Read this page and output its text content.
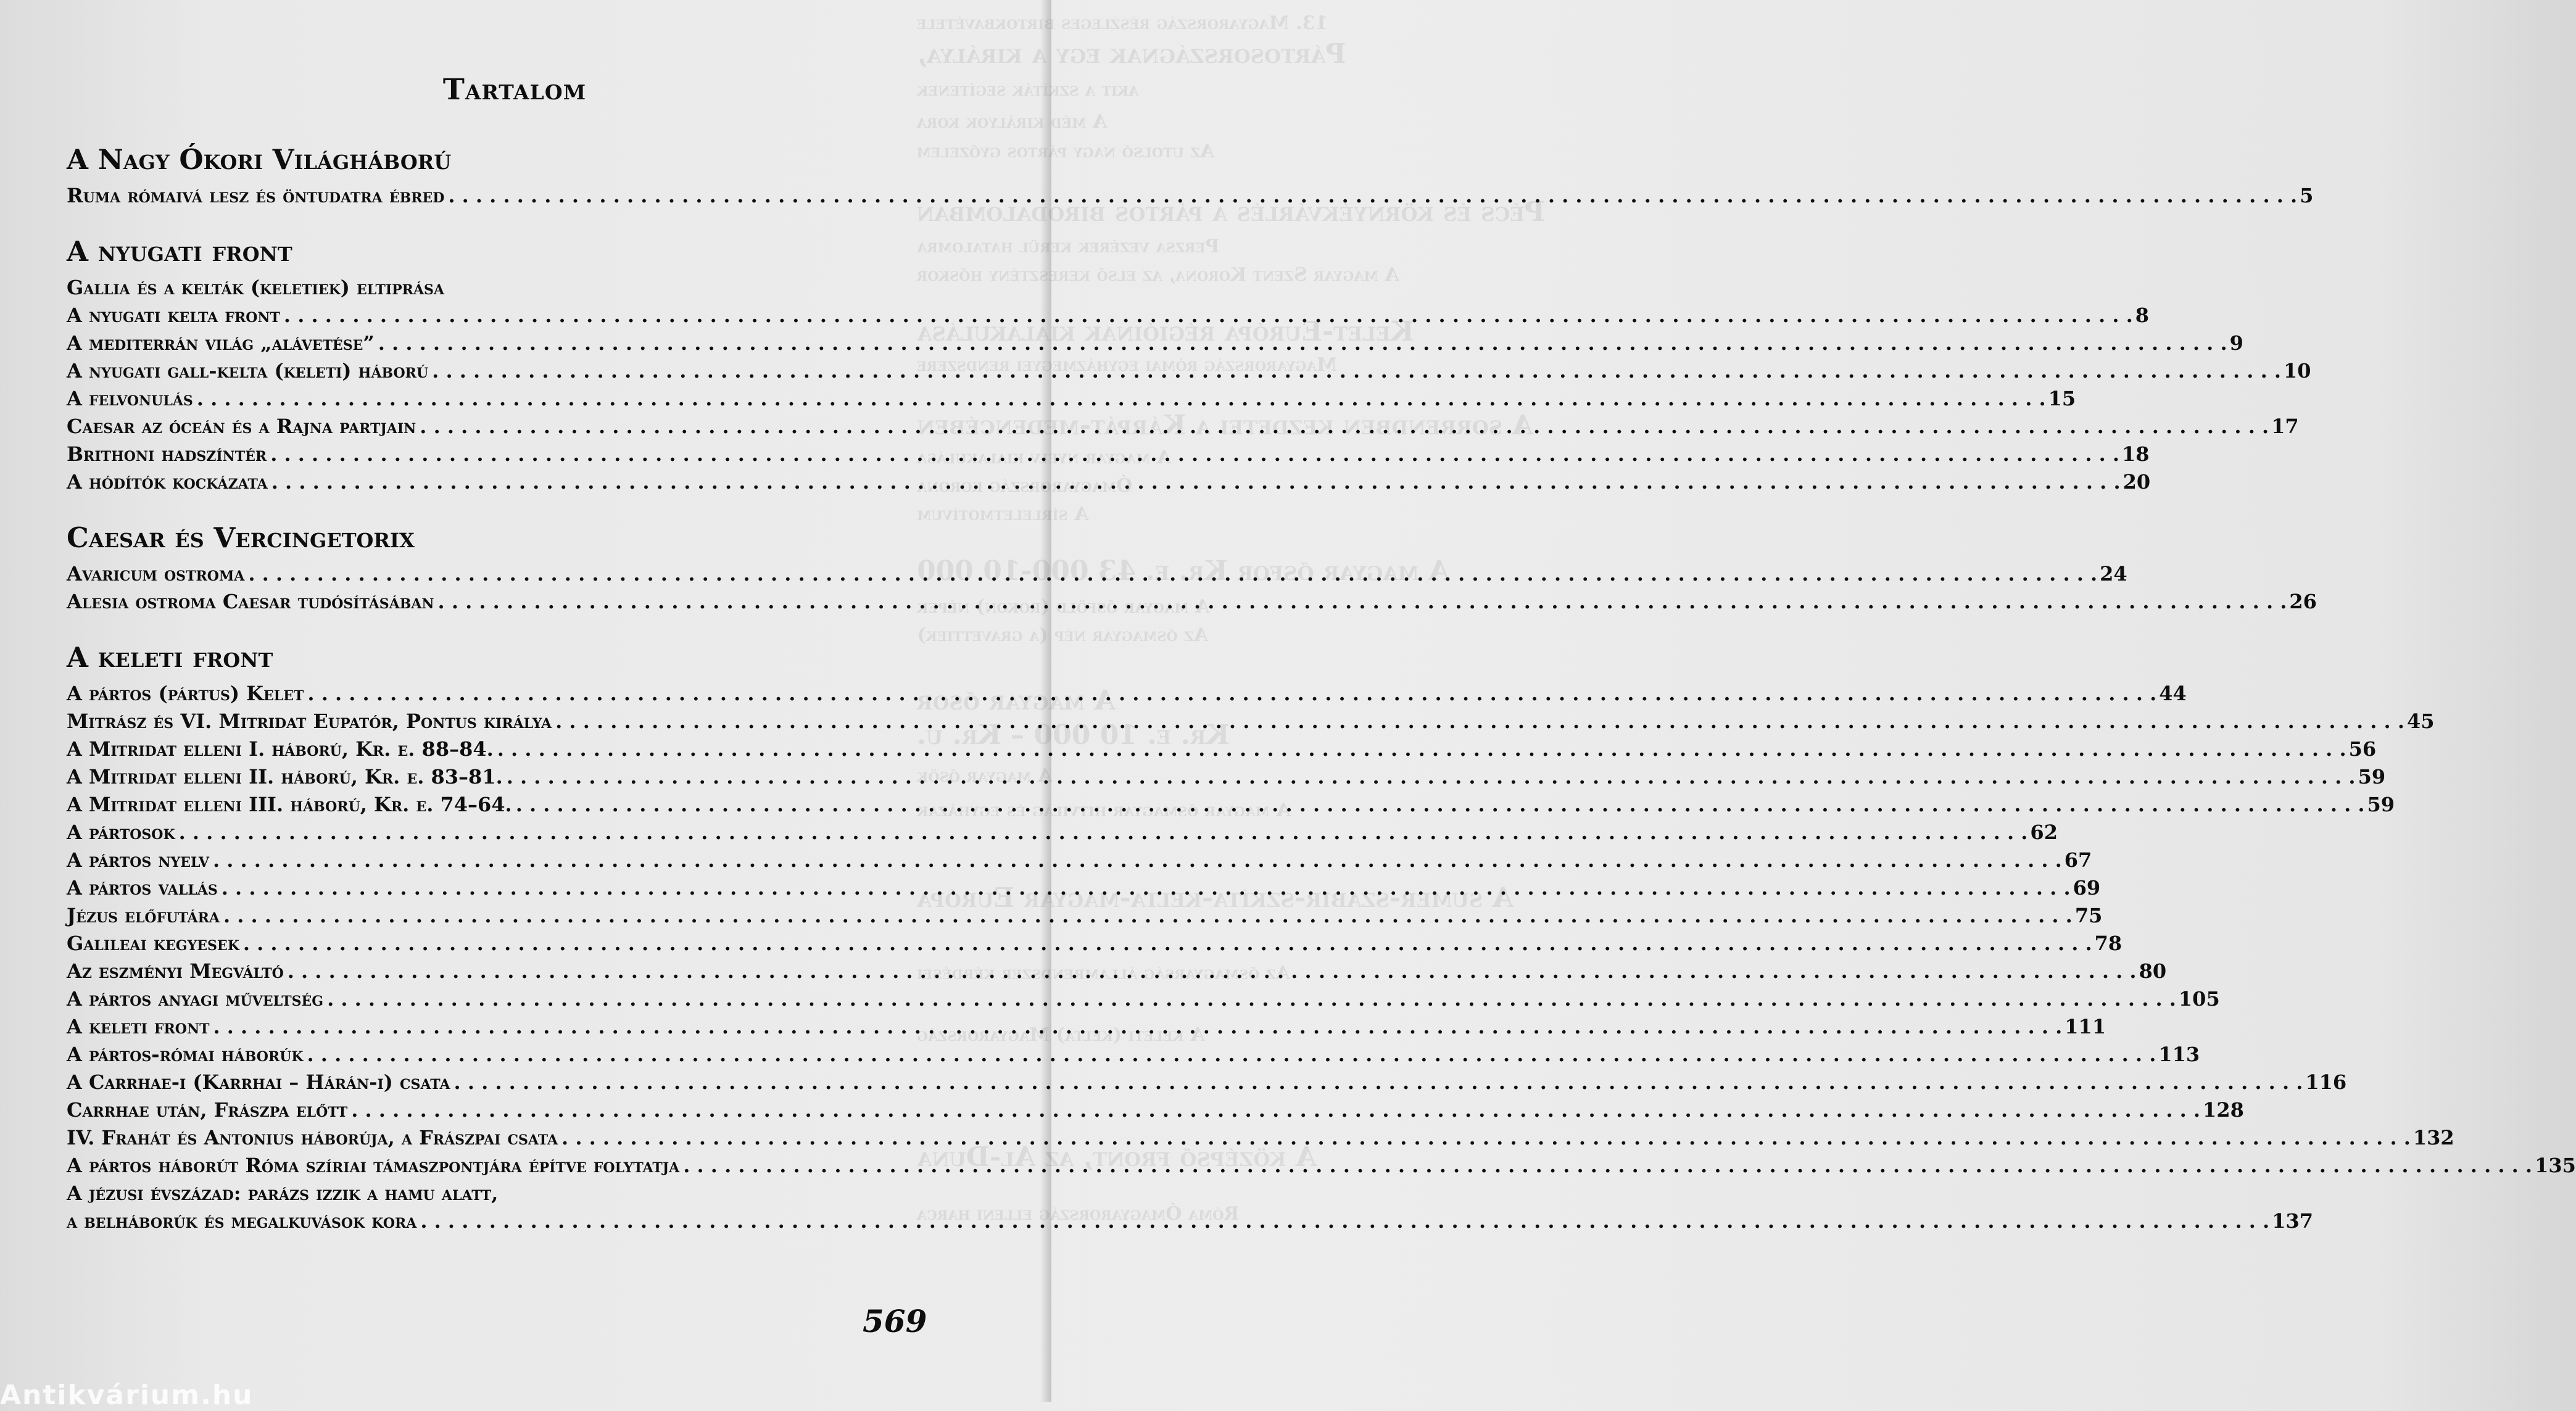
13. Magyarország részleges birtokbavétele
Pártosországnak egy a királya,
akit a szkíták segítenek
A méd királyok kora
Az utolsó nagy pártos győzelem
Pécs és környékvárlés a pártos birodalomban
Perzsa vezérek kerül hatalomra
A magyar Szent Korona, az első keresztény hőskor
Kelet-Európa régióinak kialakulása
Magyarország római egyházmegyei rendszere
A sorrendben kezdetei a Kárpát-medencében
A magyar nyelv kialakulása
Ómagyarország korona
A sírleletmotívum
A magyar ősfor Kr. e. 43 000-10 000
A magyar ősföld (rokon) népek
Az ősmagyar nép (a gravettiek)
A magyar ősor
Kr. e. 10 000 – Kr. u.
A magyar ősök
A magyar ősmagyar hitvilág és egyházak
A sumer-szabir-szkíta-kelta-magyar Európa
Az ősmagyarság államrendszer kérdései
A keleti (kelta) Magyarország
A középső front, az Al-Duna
Róma Ómagyarország elleni harca
Tartalom
A Nagy Ókori Világháború
Ruma rómaivá lesz és öntudatra ébred . . .	5
A nyugati front
Gallia és a kelták (keletiek) eltiprása
A nyugati kelta front . . .	8
A mediterrán világ „alávetése” . . .	9
A nyugati gall-kelta (keleti) háború . . .	10
A felvonulás . . .	15
Caesar az óceán és a Rajna partjain . . .	17
Brithoni hadszíntér . . .	18
A hódítók kockázata . . .	20
Caesar és Vercingetorix
Avaricum ostroma . . .	24
Alesia ostroma Caesar tudósításában . . .	26
A keleti front
A pártos (pártus) Kelet . . .	44
Mitrász és VI. Mitridat Eupatór, Pontus királya . . .	45
A Mitridat elleni I. háború, Kr. e. 88–84. . . .	56
A Mitridat elleni II. háború, Kr. e. 83–81. . . .	59
A Mitridat elleni III. háború, Kr. e. 74–64. . . .	59
A pártosok . . .	62
A pártos nyelv . . .	67
A pártos vallás . . .	69
Jézus előfutára . . .	75
Galileai kegyesek . . .	78
Az eszményi Megváltó . . .	80
A pártos anyagi műveltség . . .	105
A keleti front . . .	111
A pártos-római háborúk . . .	113
A Carrhae-i (Karrhai – Hárán-i) csata . . .	116
Carrhae után, Frászpa előtt . . .	128
IV. Frahát és Antonius háborúja, a Frászpai csata . . .	132
A pártos háborút Róma szíriai támaszpontjára építve folytatja . . .	135
A jézusi évszázad: parázs izzik a hamu alatt,
a belháborúk és megalkuvások kora . . .	137
569
Antikvárium.hu
